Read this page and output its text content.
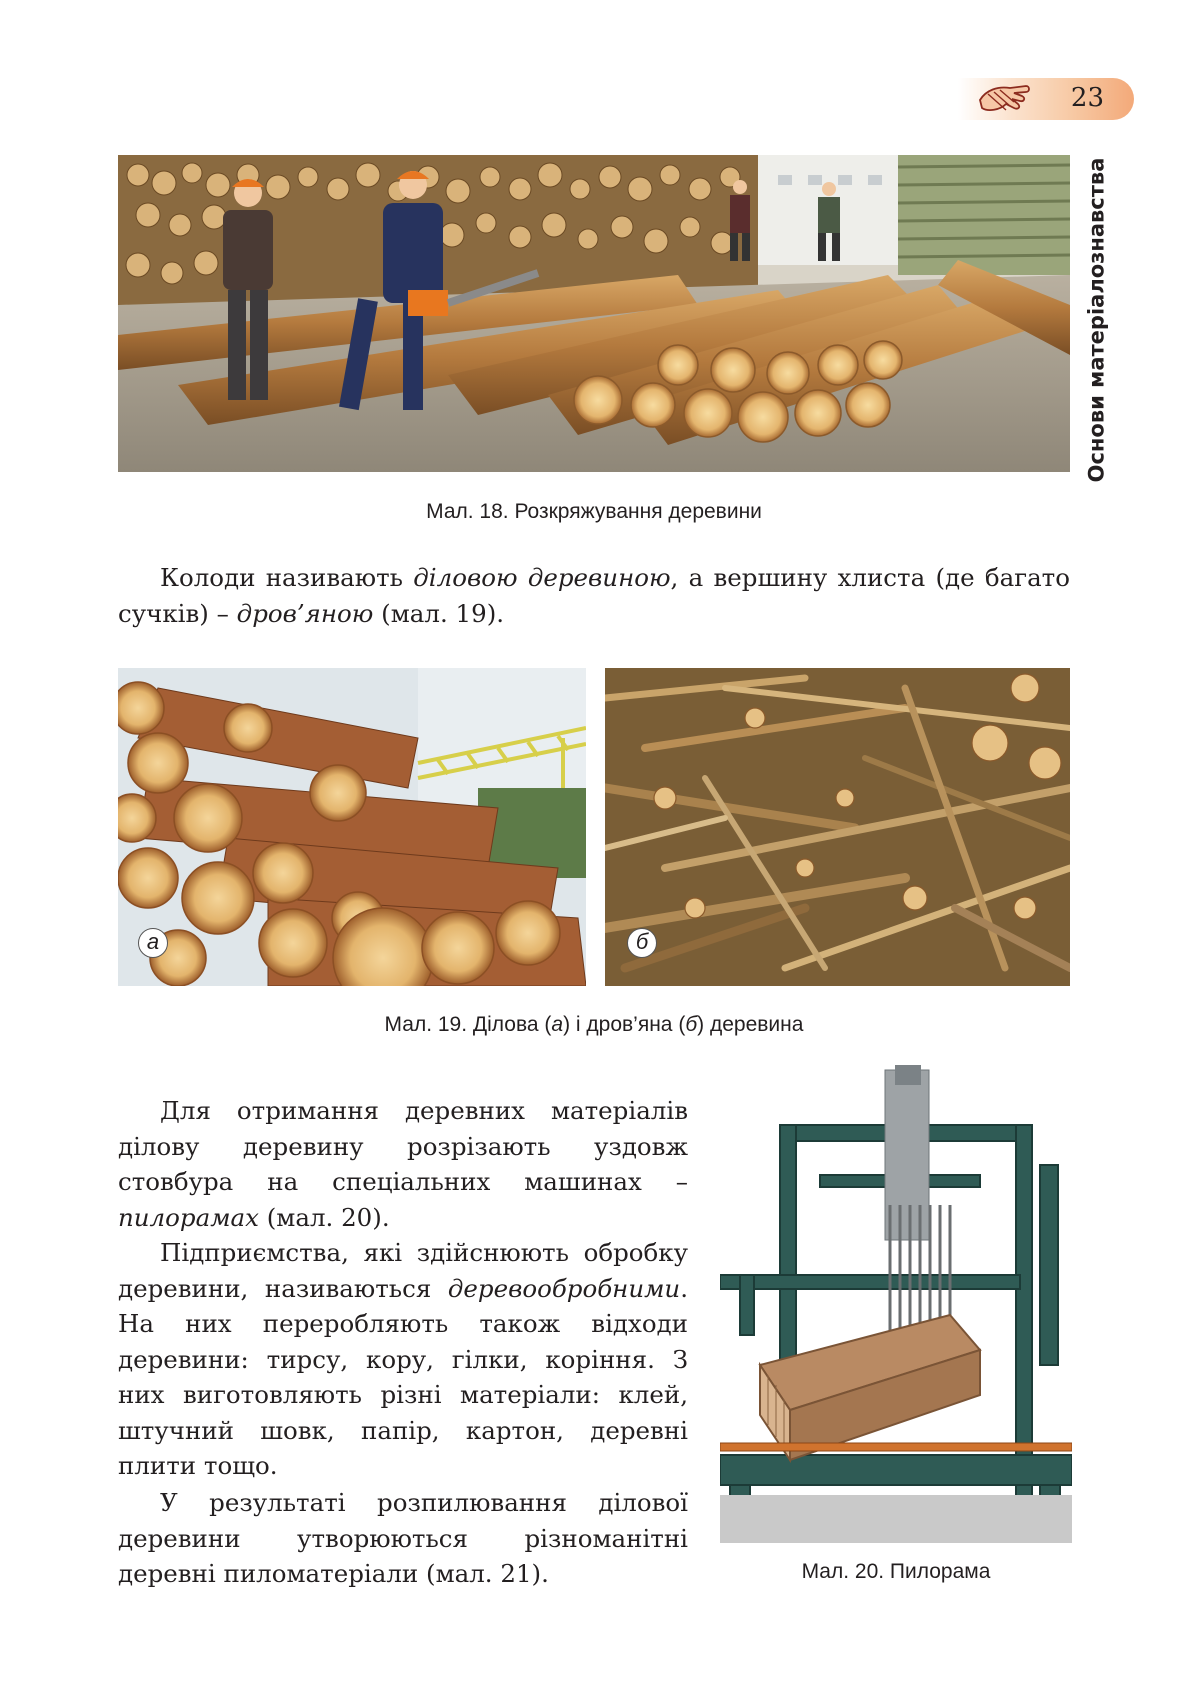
23
Основи матеріалознавства
Мал. 18. Розкряжування деревини

Колоди називають діловою деревиною, а вершину хлиста (де багато сучків) – дров’яною (мал. 19).

а	б
Мал. 19. Ділова (а) і дров’яна (б) деревина

Для отримання деревних матеріалів ділову деревину розрізають уздовж стовбура на спеціальних машинах – пилорамах (мал. 20).

Підприємства, які здійснюють обробку деревини, називаються деревообробними. На них переробляють також відходи деревини: тирсу, кору, гілки, коріння. З них виготовляють різні матеріали: клей, штучний шовк, папір, картон, деревні плити тощо.

У результаті розпилювання ділової деревини утворюються різноманітні деревні пиломатеріали (мал. 21).	Мал. 20. Пилорама
